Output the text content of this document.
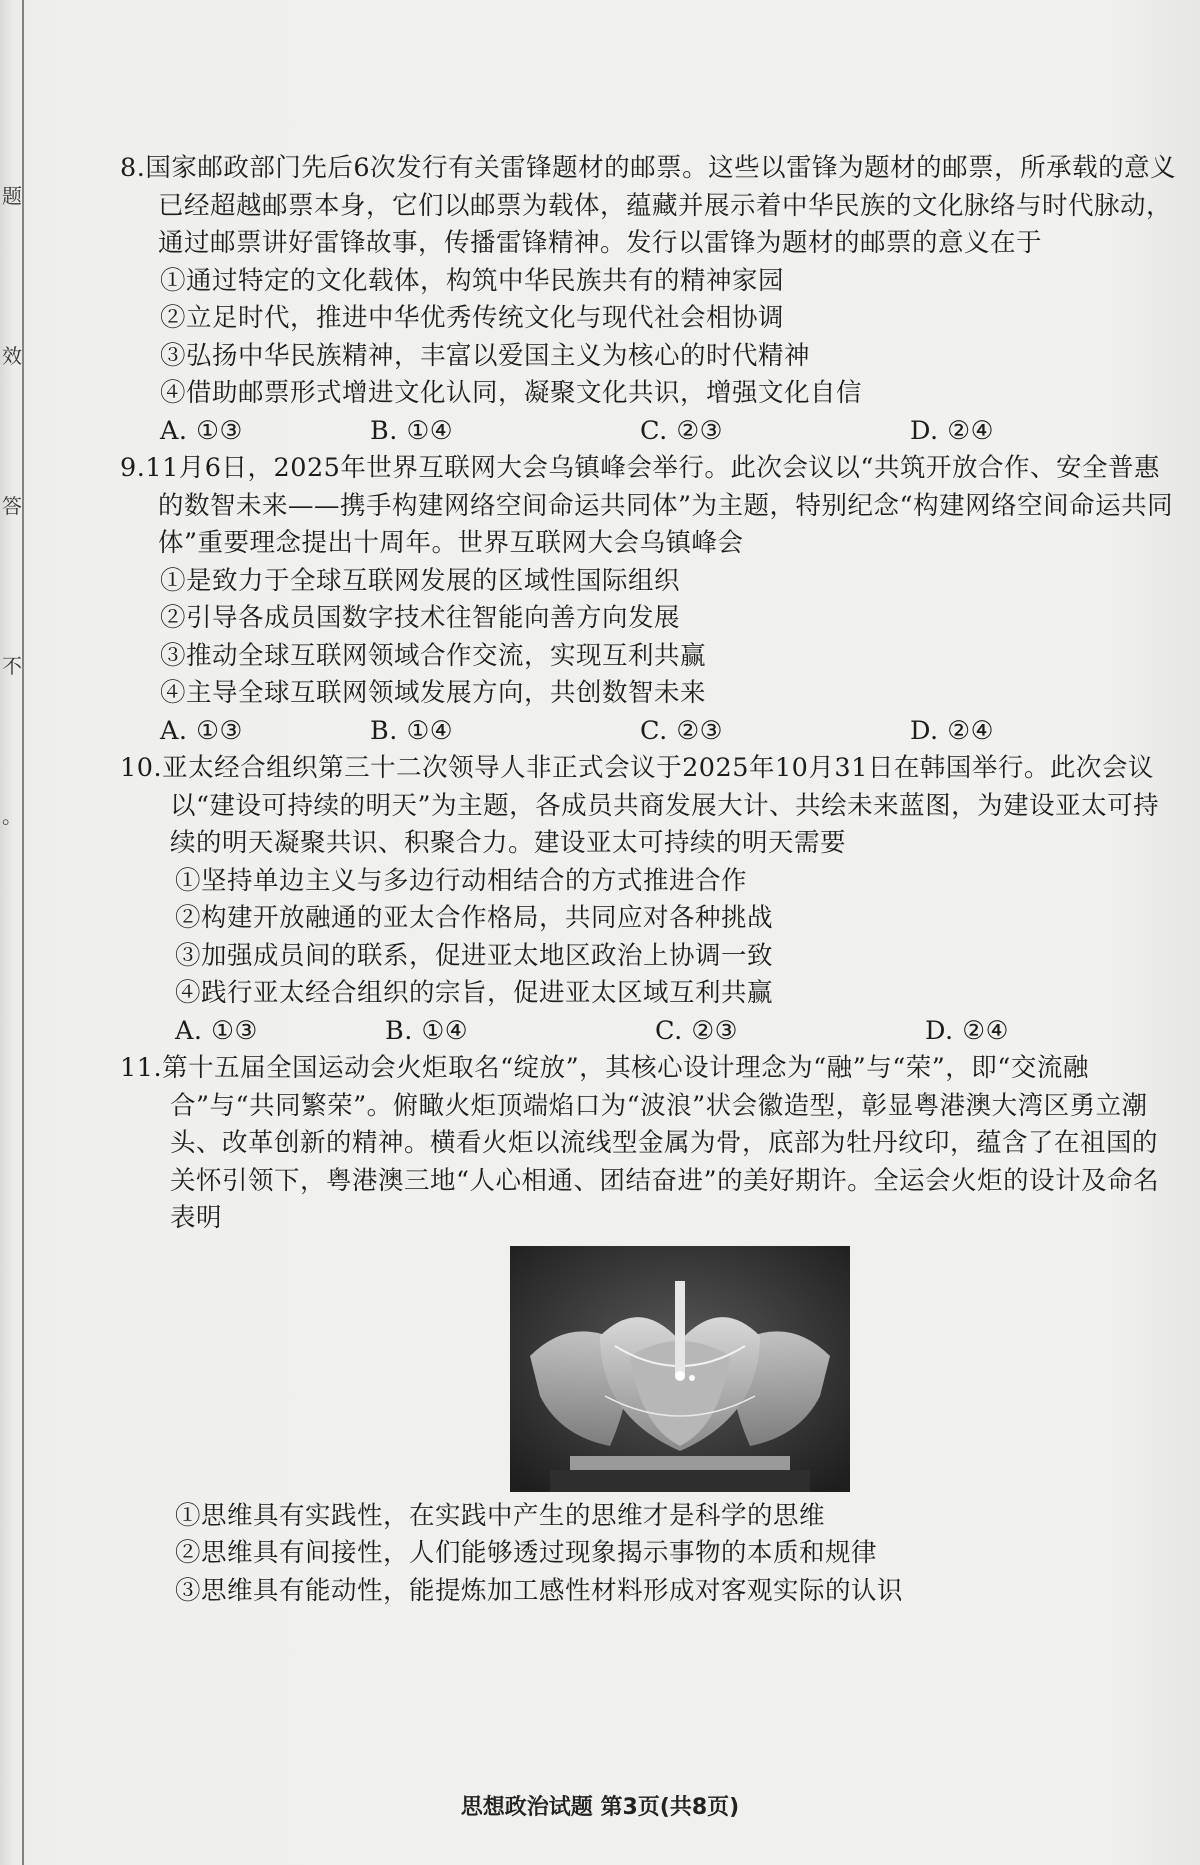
题
效
答
不
。

8.国家邮政部门先后6次发行有关雷锋题材的邮票。这些以雷锋为题材的邮票，所承载的意义已经超越邮票本身，它们以邮票为载体，蕴藏并展示着中华民族的文化脉络与时代脉动，通过邮票讲好雷锋故事，传播雷锋精神。发行以雷锋为题材的邮票的意义在于

①通过特定的文化载体，构筑中华民族共有的精神家园

②立足时代，推进中华优秀传统文化与现代社会相协调

③弘扬中华民族精神，丰富以爱国主义为核心的时代精神

④借助邮票形式增进文化认同，凝聚文化共识，增强文化自信

A. ①③	B. ①④	C. ②③	D. ②④

9.11月6日，2025年世界互联网大会乌镇峰会举行。此次会议以“共筑开放合作、安全普惠的数智未来——携手构建网络空间命运共同体”为主题，特别纪念“构建网络空间命运共同体”重要理念提出十周年。世界互联网大会乌镇峰会

①是致力于全球互联网发展的区域性国际组织

②引导各成员国数字技术往智能向善方向发展

③推动全球互联网领域合作交流，实现互利共赢

④主导全球互联网领域发展方向，共创数智未来

A. ①③	B. ①④	C. ②③	D. ②④

10.亚太经合组织第三十二次领导人非正式会议于2025年10月31日在韩国举行。此次会议以“建设可持续的明天”为主题，各成员共商发展大计、共绘未来蓝图，为建设亚太可持续的明天凝聚共识、积聚合力。建设亚太可持续的明天需要

①坚持单边主义与多边行动相结合的方式推进合作

②构建开放融通的亚太合作格局，共同应对各种挑战

③加强成员间的联系，促进亚太地区政治上协调一致

④践行亚太经合组织的宗旨，促进亚太区域互利共赢

A. ①③	B. ①④	C. ②③	D. ②④

11.第十五届全国运动会火炬取名“绽放”，其核心设计理念为“融”与“荣”，即“交流融合”与“共同繁荣”。俯瞰火炬顶端焰口为“波浪”状会徽造型，彰显粤港澳大湾区勇立潮头、改革创新的精神。横看火炬以流线型金属为骨，底部为牡丹纹印，蕴含了在祖国的关怀引领下，粤港澳三地“人心相通、团结奋进”的美好期许。全运会火炬的设计及命名表明

①思维具有实践性，在实践中产生的思维才是科学的思维

②思维具有间接性，人们能够透过现象揭示事物的本质和规律

③思维具有能动性，能提炼加工感性材料形成对客观实际的认识

思想政治试题 第3页(共8页)
